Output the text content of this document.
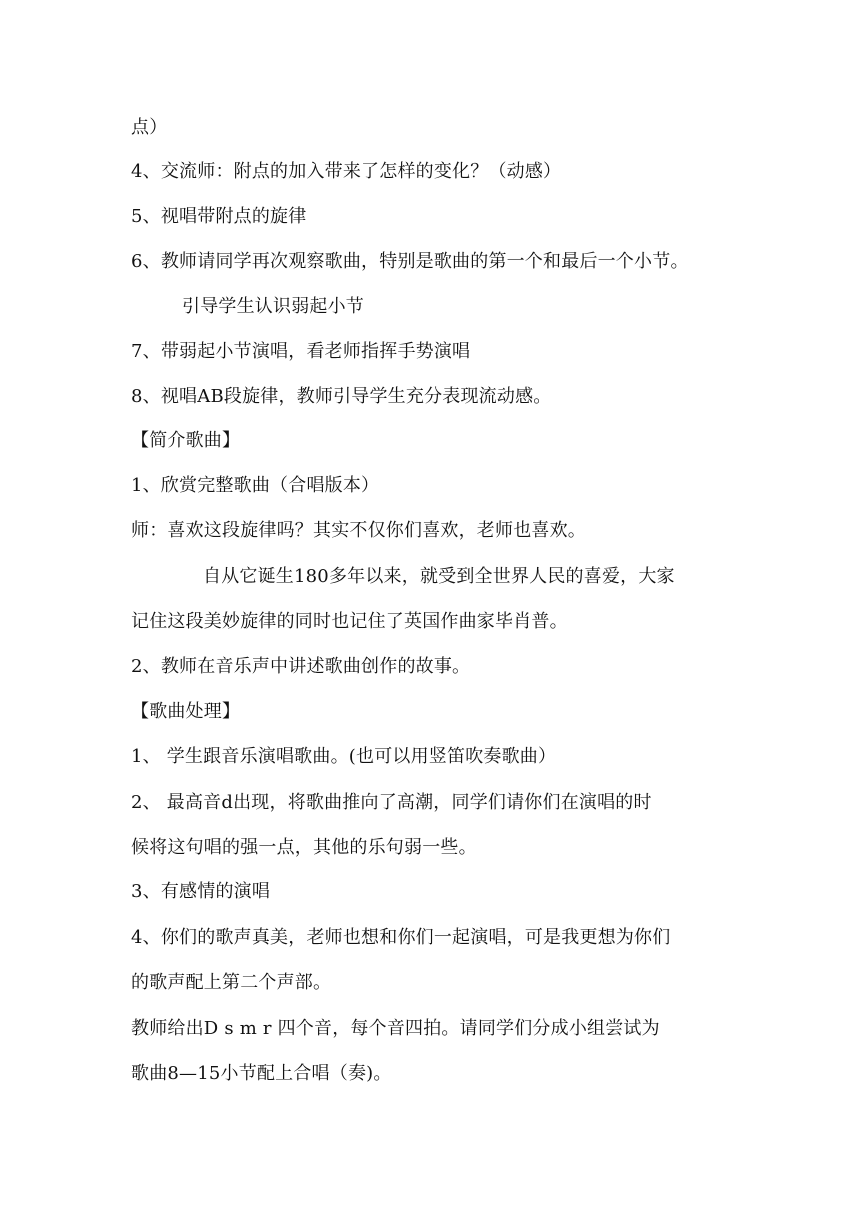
点）
4、交流师：附点的加入带来了怎样的变化？（动感）
5、视唱带附点的旋律
6、教师请同学再次观察歌曲，特别是歌曲的第一个和最后一个小节。
引导学生认识弱起小节
7、带弱起小节演唱，看老师指挥手势演唱
8、视唱AB段旋律，教师引导学生充分表现流动感。
【简介歌曲】
1、欣赏完整歌曲（合唱版本）
师：喜欢这段旋律吗？其实不仅你们喜欢，老师也喜欢。
自从它诞生180多年以来，就受到全世界人民的喜爱，大家
记住这段美妙旋律的同时也记住了英国作曲家毕肖普。
2、教师在音乐声中讲述歌曲创作的故事。
【歌曲处理】
1、 学生跟音乐演唱歌曲。(也可以用竖笛吹奏歌曲）
2、 最高音d出现，将歌曲推向了高潮，同学们请你们在演唱的时
候将这句唱的强一点，其他的乐句弱一些。
3、有感情的演唱
4、你们的歌声真美，老师也想和你们一起演唱，可是我更想为你们
的歌声配上第二个声部。
教师给出D s m r 四个音，每个音四拍。请同学们分成小组尝试为
歌曲8—15小节配上合唱（奏)。
